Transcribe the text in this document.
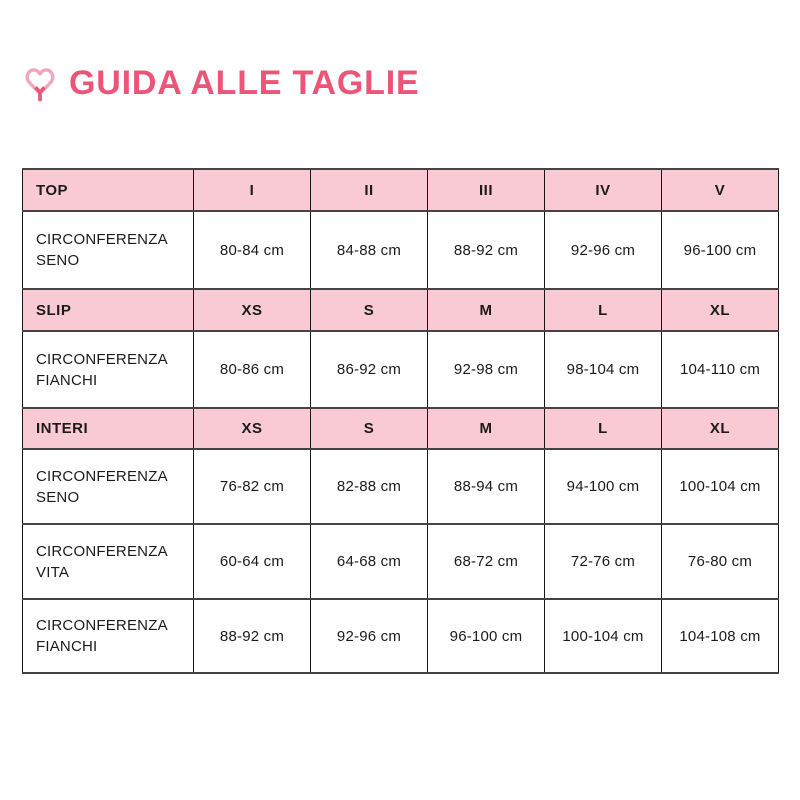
GUIDA ALLE TAGLIE
TOP	I	II	III	IV	V
CIRCONFERENZA SENO	80-84 cm	84-88 cm	88-92 cm	92-96 cm	96-100 cm
SLIP	XS	S	M	L	XL
CIRCONFERENZA FIANCHI	80-86 cm	86-92 cm	92-98 cm	98-104 cm	104-110 cm
INTERI	XS	S	M	L	XL
CIRCONFERENZA SENO	76-82 cm	82-88 cm	88-94 cm	94-100 cm	100-104 cm
CIRCONFERENZA VITA	60-64 cm	64-68 cm	68-72 cm	72-76 cm	76-80 cm
CIRCONFERENZA FIANCHI	88-92 cm	92-96 cm	96-100 cm	100-104 cm	104-108 cm
